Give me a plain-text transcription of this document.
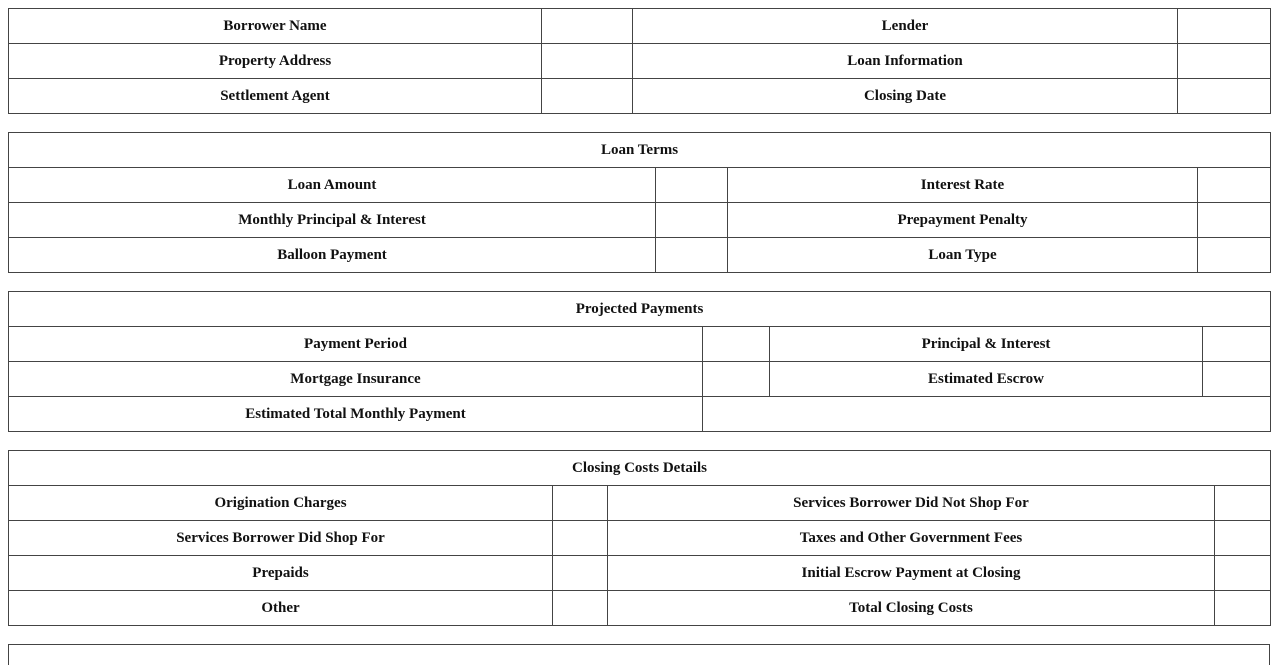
Borrower Name		Lender	
Property Address		Loan Information	
Settlement Agent		Closing Date	
Loan Terms			
Loan Amount		Interest Rate	
Monthly Principal & Interest		Prepayment Penalty	
Balloon Payment		Loan Type	
Projected Payments			
Payment Period		Principal & Interest	
Mortgage Insurance		Estimated Escrow	
Estimated Total Monthly Payment			
Closing Costs Details			
Origination Charges		Services Borrower Did Not Shop For	
Services Borrower Did Shop For		Taxes and Other Government Fees	
Prepaids		Initial Escrow Payment at Closing	
Other		Total Closing Costs	
